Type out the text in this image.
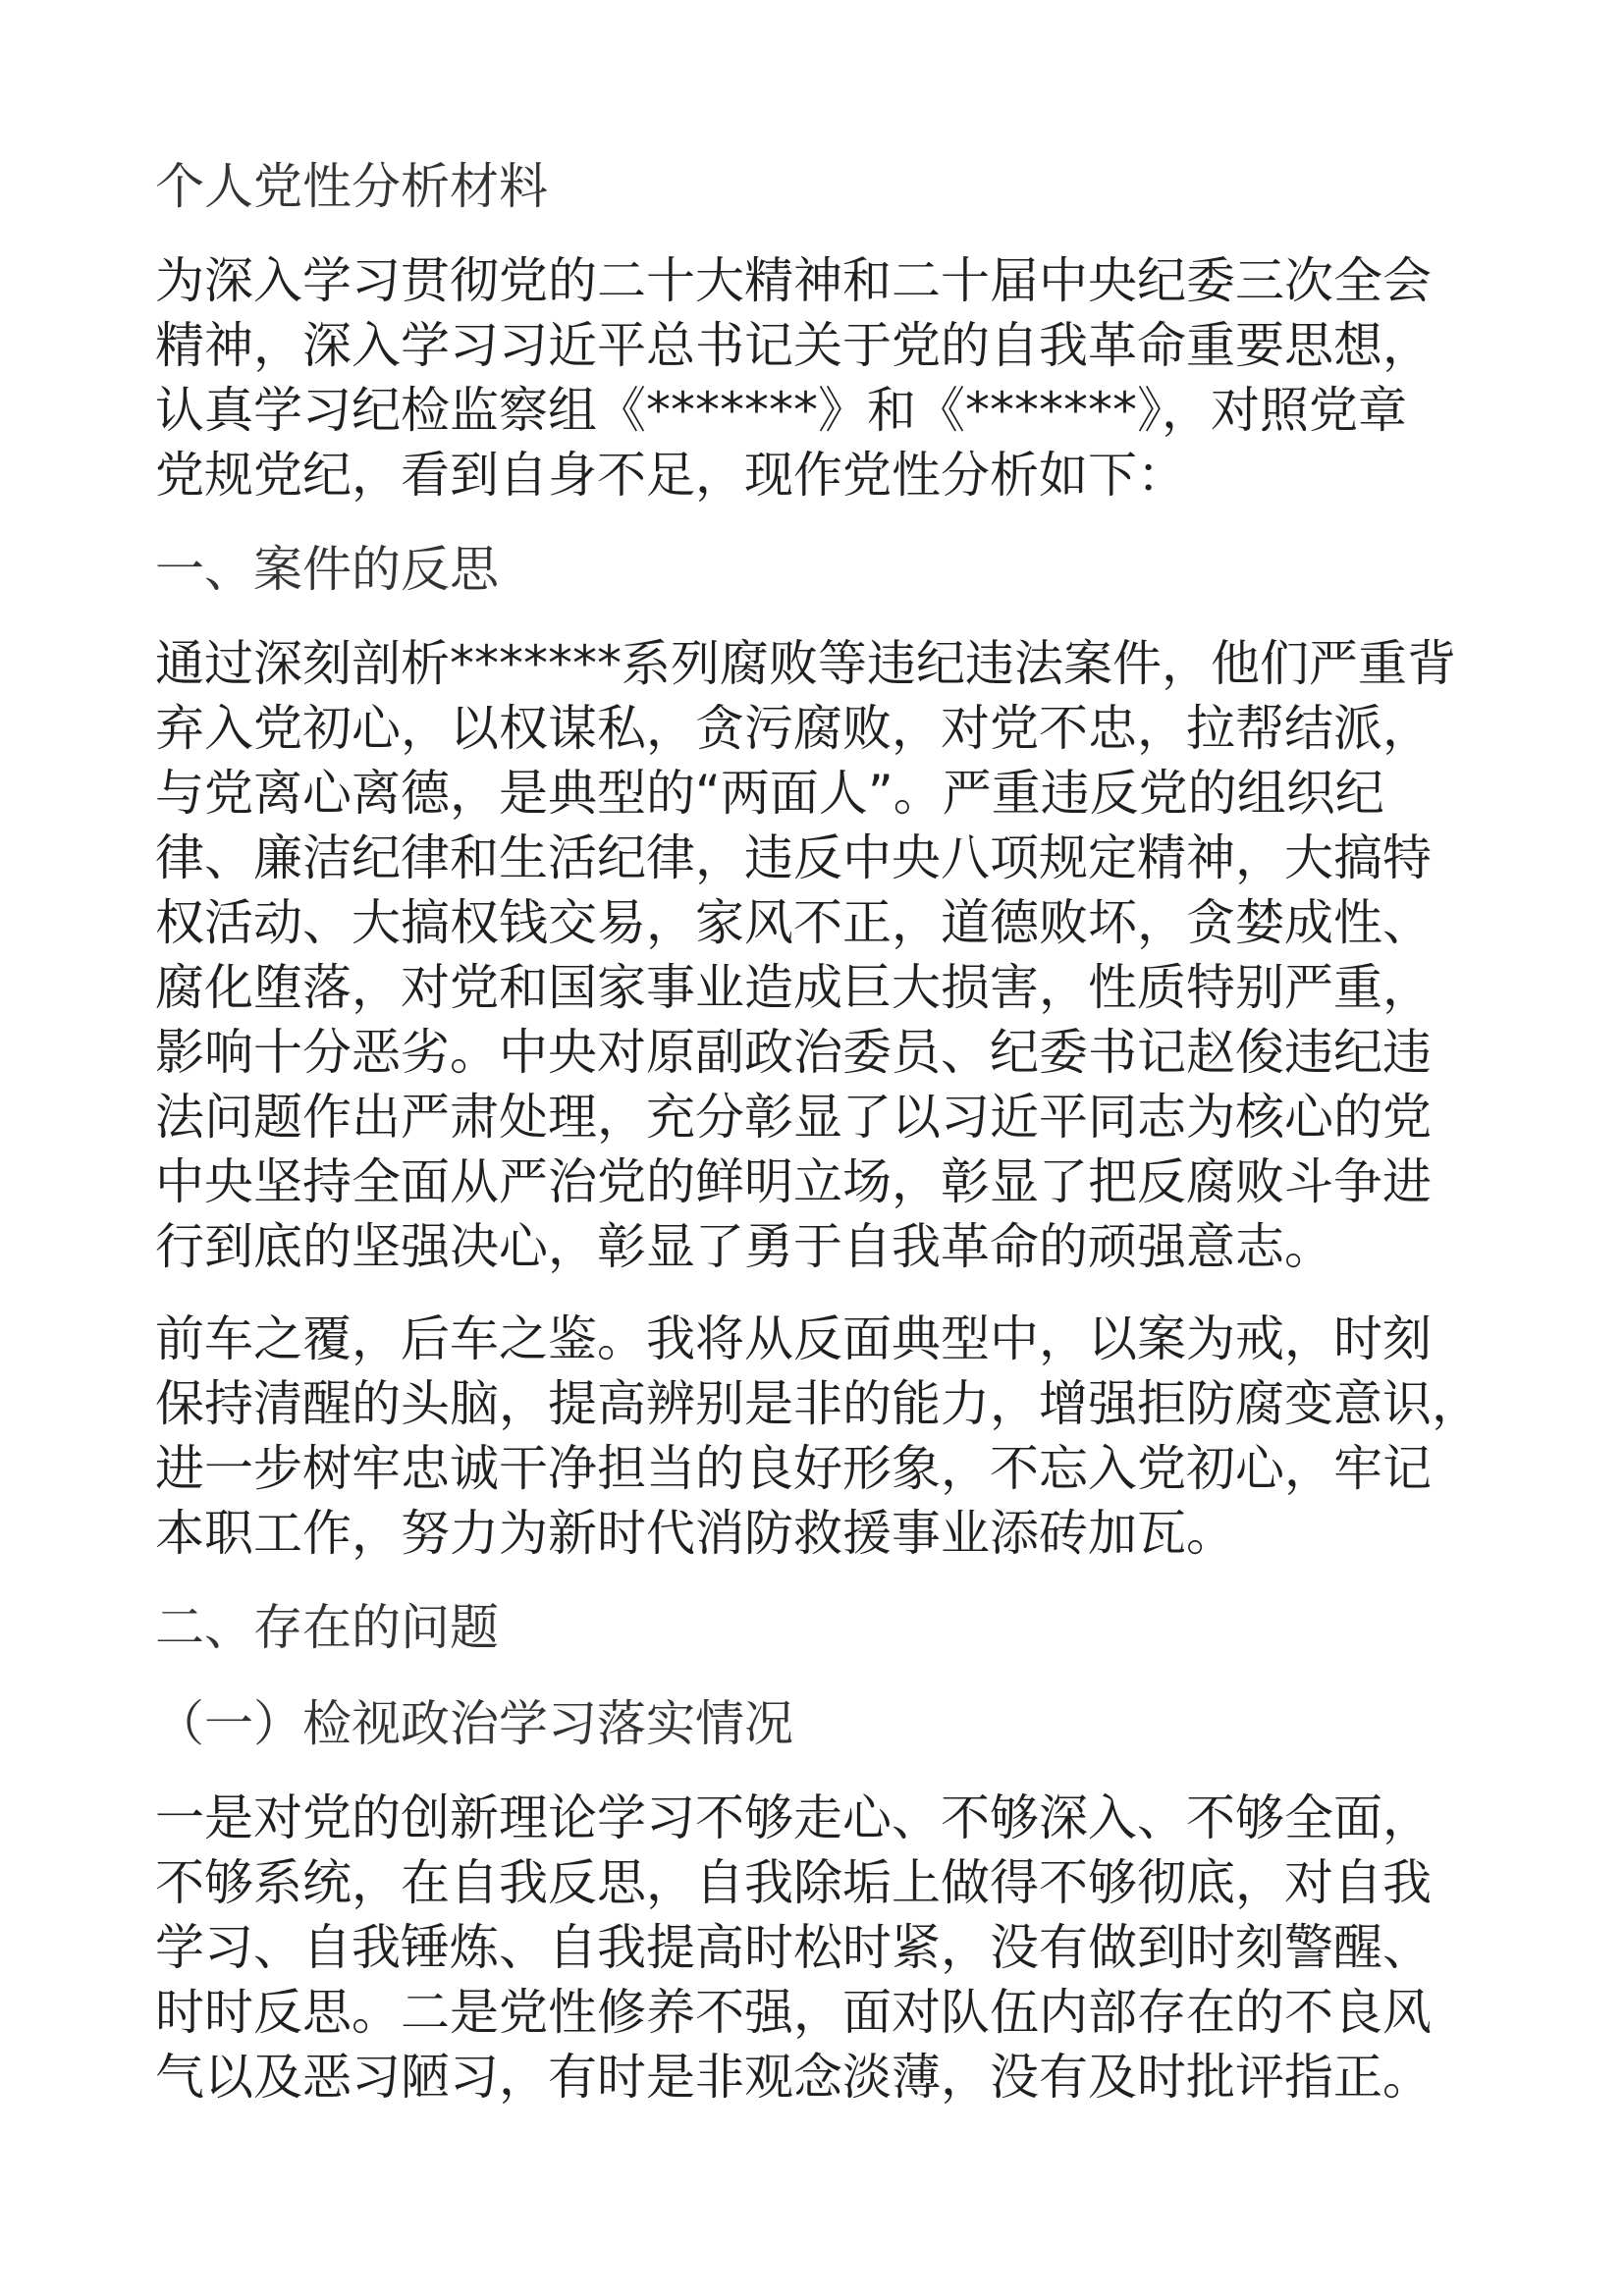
个人党性分析材料
为深入学习贯彻党的二十大精神和二十届中央纪委三次全会
精神，深入学习习近平总书记关于党的自我革命重要思想，
认真学习纪检监察组《*******》和《*******》，对照党章
党规党纪，看到自身不足，现作党性分析如下：
一、案件的反思
通过深刻剖析*******系列腐败等违纪违法案件，他们严重背
弃入党初心，以权谋私，贪污腐败，对党不忠，拉帮结派，
与党离心离德，是典型的“两面人”。严重违反党的组织纪
律、廉洁纪律和生活纪律，违反中央八项规定精神，大搞特
权活动、大搞权钱交易，家风不正，道德败坏，贪婪成性、
腐化堕落，对党和国家事业造成巨大损害，性质特别严重，
影响十分恶劣。中央对原副政治委员、纪委书记赵俊违纪违
法问题作出严肃处理，充分彰显了以习近平同志为核心的党
中央坚持全面从严治党的鲜明立场，彰显了把反腐败斗争进
行到底的坚强决心，彰显了勇于自我革命的顽强意志。
前车之覆，后车之鉴。我将从反面典型中，以案为戒，时刻
保持清醒的头脑，提高辨别是非的能力，增强拒防腐变意识，
进一步树牢忠诚干净担当的良好形象，不忘入党初心，牢记
本职工作，努力为新时代消防救援事业添砖加瓦。
二、存在的问题
（一）检视政治学习落实情况
一是对党的创新理论学习不够走心、不够深入、不够全面，
不够系统，在自我反思，自我除垢上做得不够彻底，对自我
学习、自我锤炼、自我提高时松时紧，没有做到时刻警醒、
时时反思。二是党性修养不强，面对队伍内部存在的不良风
气以及恶习陋习，有时是非观念淡薄，没有及时批评指正。
